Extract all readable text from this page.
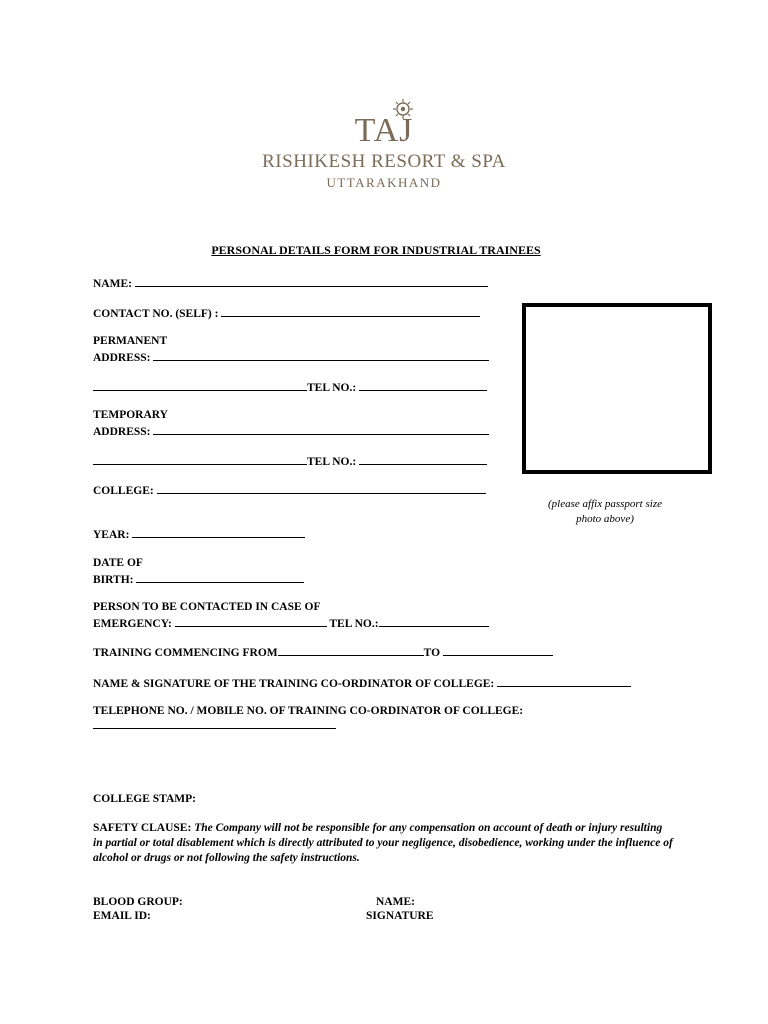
TAJ
RISHIKESH RESORT & SPA
UTTARAKHAND
PERSONAL DETAILS FORM FOR INDUSTRIAL TRAINEES
NAME:
CONTACT NO. (SELF) :
PERMANENT
ADDRESS:
TEL NO.:
TEMPORARY
ADDRESS:
TEL NO.:
COLLEGE:
YEAR:
DATE OF
BIRTH:
PERSON TO BE CONTACTED IN CASE OF
EMERGENCY:	TEL NO.:
TRAINING COMMENCING FROM	TO
NAME & SIGNATURE OF THE TRAINING CO-ORDINATOR OF COLLEGE:
TELEPHONE NO. / MOBILE NO. OF TRAINING CO-ORDINATOR OF COLLEGE:
COLLEGE STAMP:
SAFETY CLAUSE: The Company will not be responsible for any compensation on account of death or injury resulting in partial or total disablement which is directly attributed to your negligence, disobedience, working under the influence of alcohol or drugs or not following the safety instructions.
BLOOD GROUP:
EMAIL ID:
NAME:
SIGNATURE
(please affix passport size
photo above)
